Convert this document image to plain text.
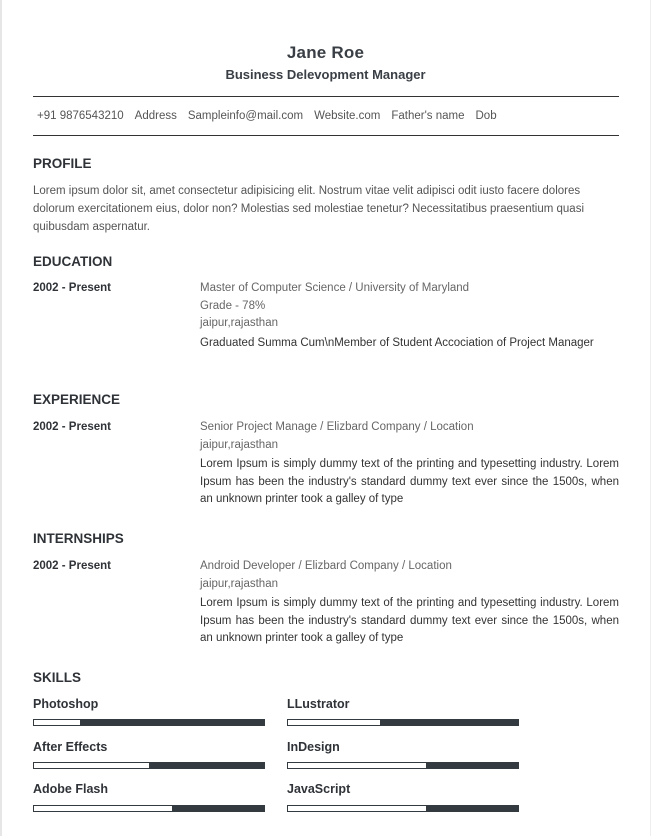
Jane Roe
Business Delevopment Manager
+91 9876543210 Address Sampleinfo@mail.com Website.com Father's name Dob
PROFILE
Lorem ipsum dolor sit, amet consectetur adipisicing elit. Nostrum vitae velit adipisci odit iusto facere dolores dolorum exercitationem eius, dolor non? Molestias sed molestiae tenetur? Necessitatibus praesentium quasi quibusdam aspernatur.
EDUCATION
2002 - Present	Master of Computer Science / University of Maryland
Grade - 78%
jaipur,rajasthan
Graduated Summa Cum\nMember of Student Accociation of Project Manager
EXPERIENCE
2002 - Present	Senior Project Manage / Elizbard Company / Location
jaipur,rajasthan
Lorem Ipsum is simply dummy text of the printing and typesetting industry. Lorem Ipsum has been the industry's standard dummy text ever since the 1500s, when an unknown printer took a galley of type
INTERNSHIPS
2002 - Present	Android Developer / Elizbard Company / Location
jaipur,rajasthan
Lorem Ipsum is simply dummy text of the printing and typesetting industry. Lorem Ipsum has been the industry's standard dummy text ever since the 1500s, when an unknown printer took a galley of type
SKILLS
Photoshop	LLustrator
After Effects	InDesign
Adobe Flash	JavaScript
